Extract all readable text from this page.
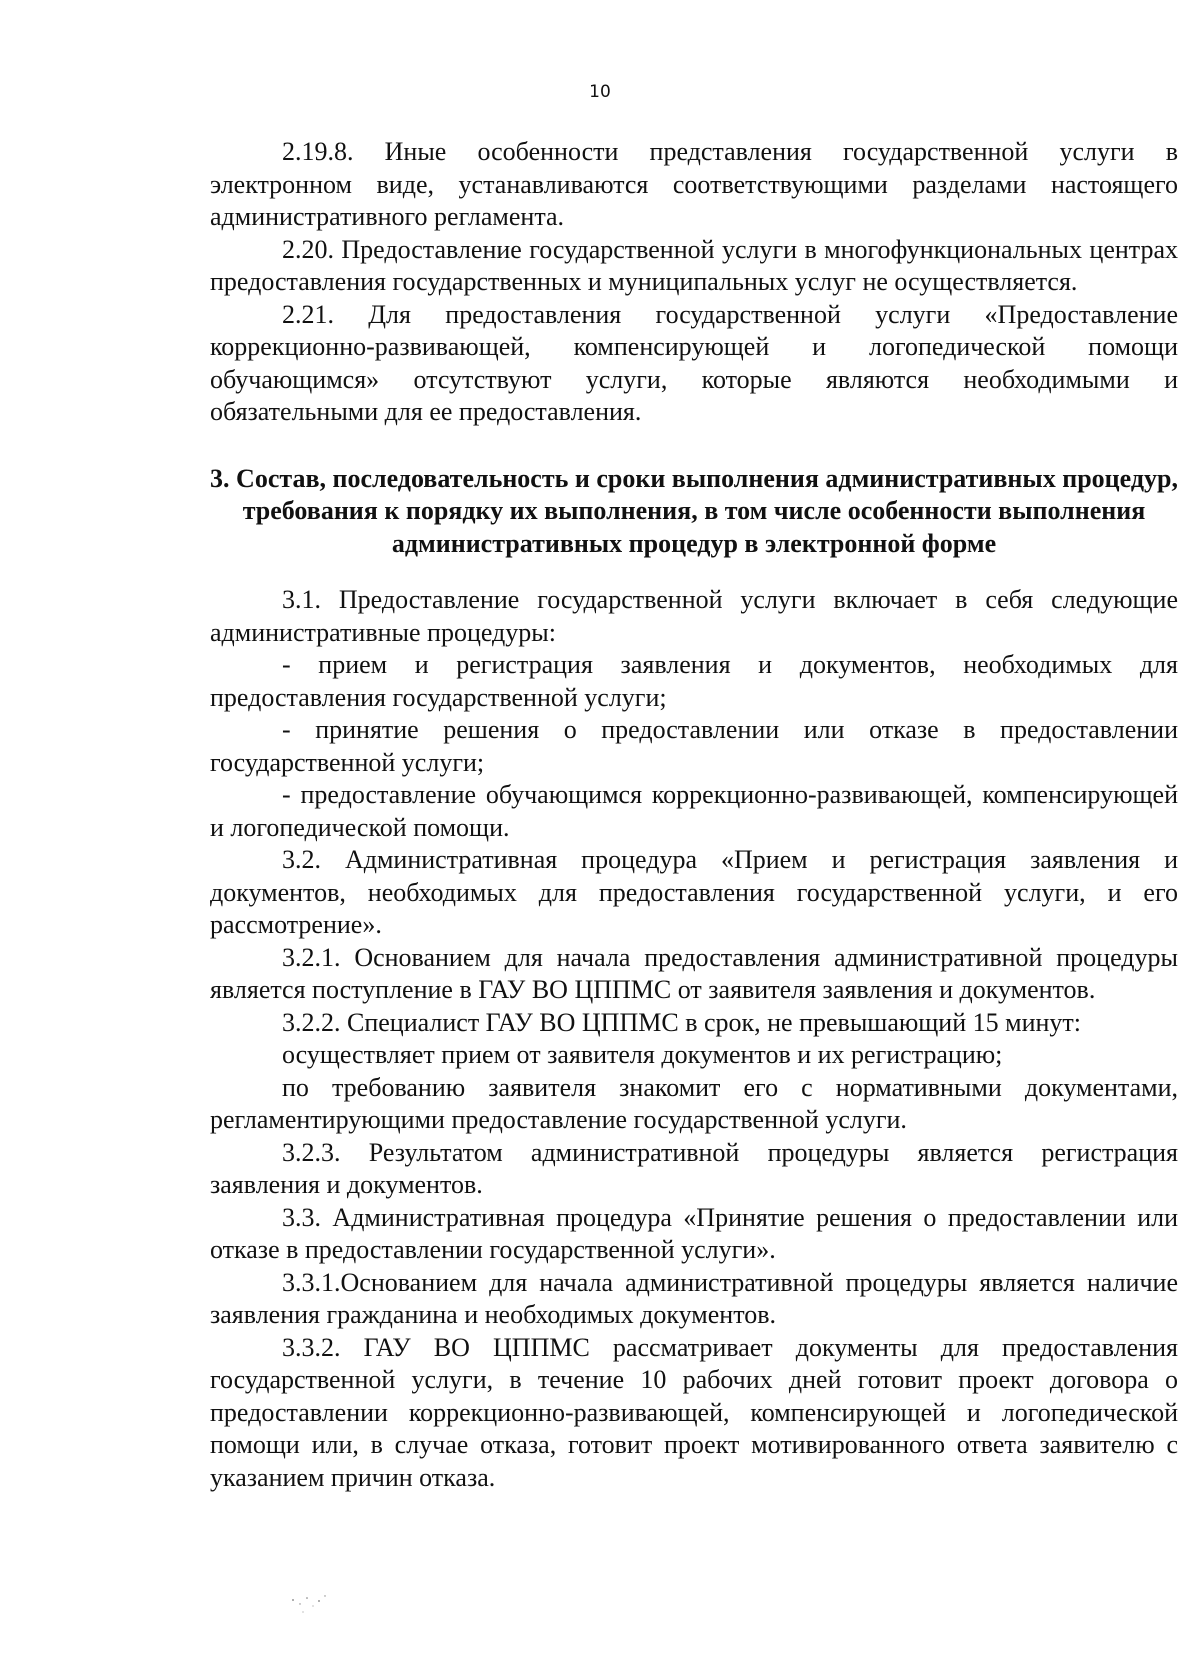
10

2.19.8. Иные особенности представления государственной услуги в электронном виде, устанавливаются соответствующими разделами настоящего административного регламента.

2.20. Предоставление государственной услуги в многофункциональных центрах предоставления государственных и муниципальных услуг не осуществляется.

2.21. Для предоставления государственной услуги «Предоставление коррекционно-развивающей, компенсирующей и логопедической помощи обучающимся» отсутствуют услуги, которые являются необходимыми и обязательными для ее предоставления.

3. Состав, последовательность и сроки выполнения административных процедур, требования к порядку их выполнения, в том числе особенности выполнения административных процедур в электронной форме

3.1. Предоставление государственной услуги включает в себя следующие административные процедуры:

- прием и регистрация заявления и документов, необходимых для предоставления государственной услуги;

- принятие решения о предоставлении или отказе в предоставлении государственной услуги;

- предоставление обучающимся коррекционно-развивающей, компенсирующей и логопедической помощи.

3.2. Административная процедура «Прием и регистрация заявления и документов, необходимых для предоставления государственной услуги, и его рассмотрение».

3.2.1. Основанием для начала предоставления административной процедуры является поступление в ГАУ ВО ЦППМС от заявителя заявления и документов.

3.2.2. Специалист ГАУ ВО ЦППМС в срок, не превышающий 15 минут:

осуществляет прием от заявителя документов и их регистрацию;

по требованию заявителя знакомит его с нормативными документами, регламентирующими предоставление государственной услуги.

3.2.3. Результатом административной процедуры является регистрация заявления и документов.

3.3. Административная процедура «Принятие решения о предоставлении или отказе в предоставлении государственной услуги».

3.3.1.Основанием для начала административной процедуры является наличие заявления гражданина и необходимых документов.

3.3.2. ГАУ ВО ЦППМС рассматривает документы для предоставления государственной услуги, в течение 10 рабочих дней готовит проект договора о предоставлении коррекционно-развивающей, компенсирующей и логопедической помощи или, в случае отказа, готовит проект мотивированного ответа заявителю с указанием причин отказа.
